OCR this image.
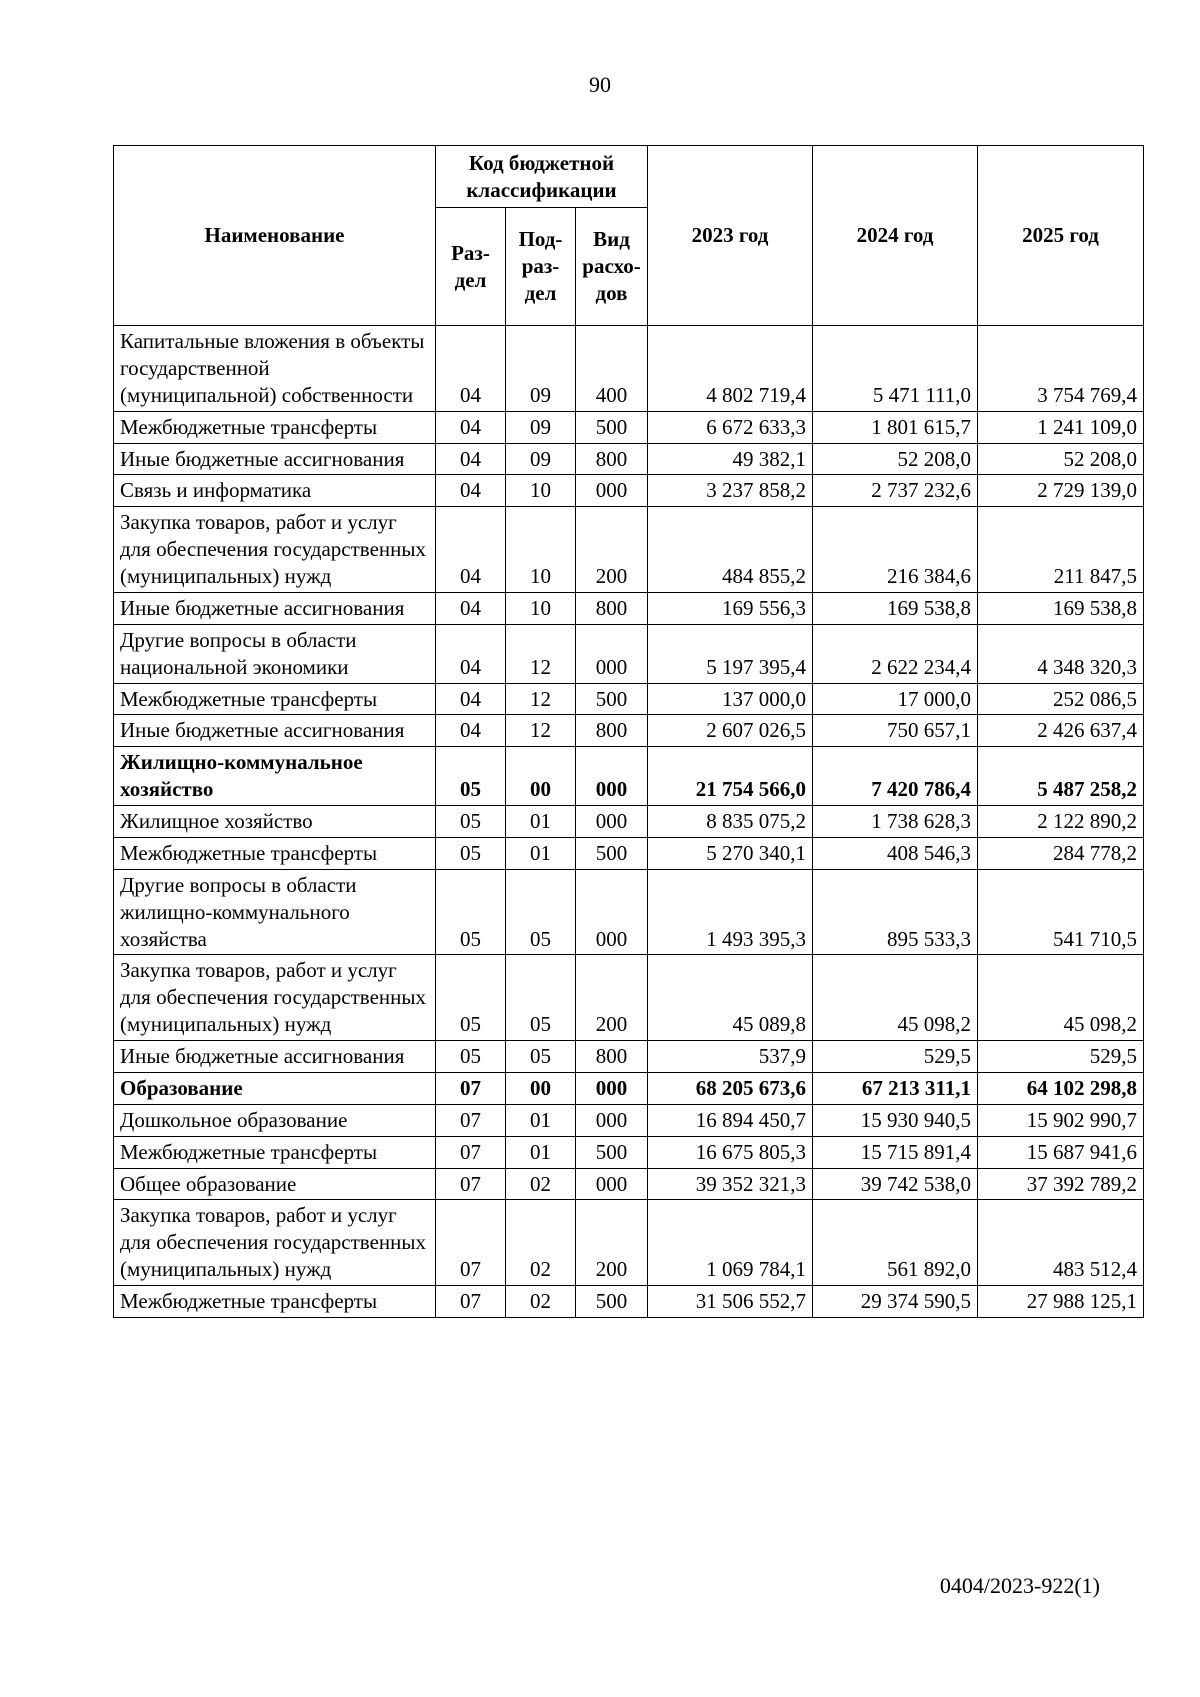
90
Наименование	Код бюджетной классификации			2023 год	2024 год	2025 год
	Раз-дел	Под-раз-дел	Вид расхо-дов			
Капитальные вложения в объекты государственной (муниципальной) собственности	04	09	400	4 802 719,4	5 471 111,0	3 754 769,4
Межбюджетные трансферты	04	09	500	6 672 633,3	1 801 615,7	1 241 109,0
Иные бюджетные ассигнования	04	09	800	49 382,1	52 208,0	52 208,0
Связь и информатика	04	10	000	3 237 858,2	2 737 232,6	2 729 139,0
Закупка товаров, работ и услуг для обеспечения государственных (муниципальных) нужд	04	10	200	484 855,2	216 384,6	211 847,5
Иные бюджетные ассигнования	04	10	800	169 556,3	169 538,8	169 538,8
Другие вопросы в области национальной экономики	04	12	000	5 197 395,4	2 622 234,4	4 348 320,3
Межбюджетные трансферты	04	12	500	137 000,0	17 000,0	252 086,5
Иные бюджетные ассигнования	04	12	800	2 607 026,5	750 657,1	2 426 637,4
Жилищно-коммунальное хозяйство	05	00	000	21 754 566,0	7 420 786,4	5 487 258,2
Жилищное хозяйство	05	01	000	8 835 075,2	1 738 628,3	2 122 890,2
Межбюджетные трансферты	05	01	500	5 270 340,1	408 546,3	284 778,2
Другие вопросы в области жилищно-коммунального хозяйства	05	05	000	1 493 395,3	895 533,3	541 710,5
Закупка товаров, работ и услуг для обеспечения государственных (муниципальных) нужд	05	05	200	45 089,8	45 098,2	45 098,2
Иные бюджетные ассигнования	05	05	800	537,9	529,5	529,5
Образование	07	00	000	68 205 673,6	67 213 311,1	64 102 298,8
Дошкольное образование	07	01	000	16 894 450,7	15 930 940,5	15 902 990,7
Межбюджетные трансферты	07	01	500	16 675 805,3	15 715 891,4	15 687 941,6
Общее образование	07	02	000	39 352 321,3	39 742 538,0	37 392 789,2
Закупка товаров, работ и услуг для обеспечения государственных (муниципальных) нужд	07	02	200	1 069 784,1	561 892,0	483 512,4
Межбюджетные трансферты	07	02	500	31 506 552,7	29 374 590,5	27 988 125,1
0404/2023-922(1)
